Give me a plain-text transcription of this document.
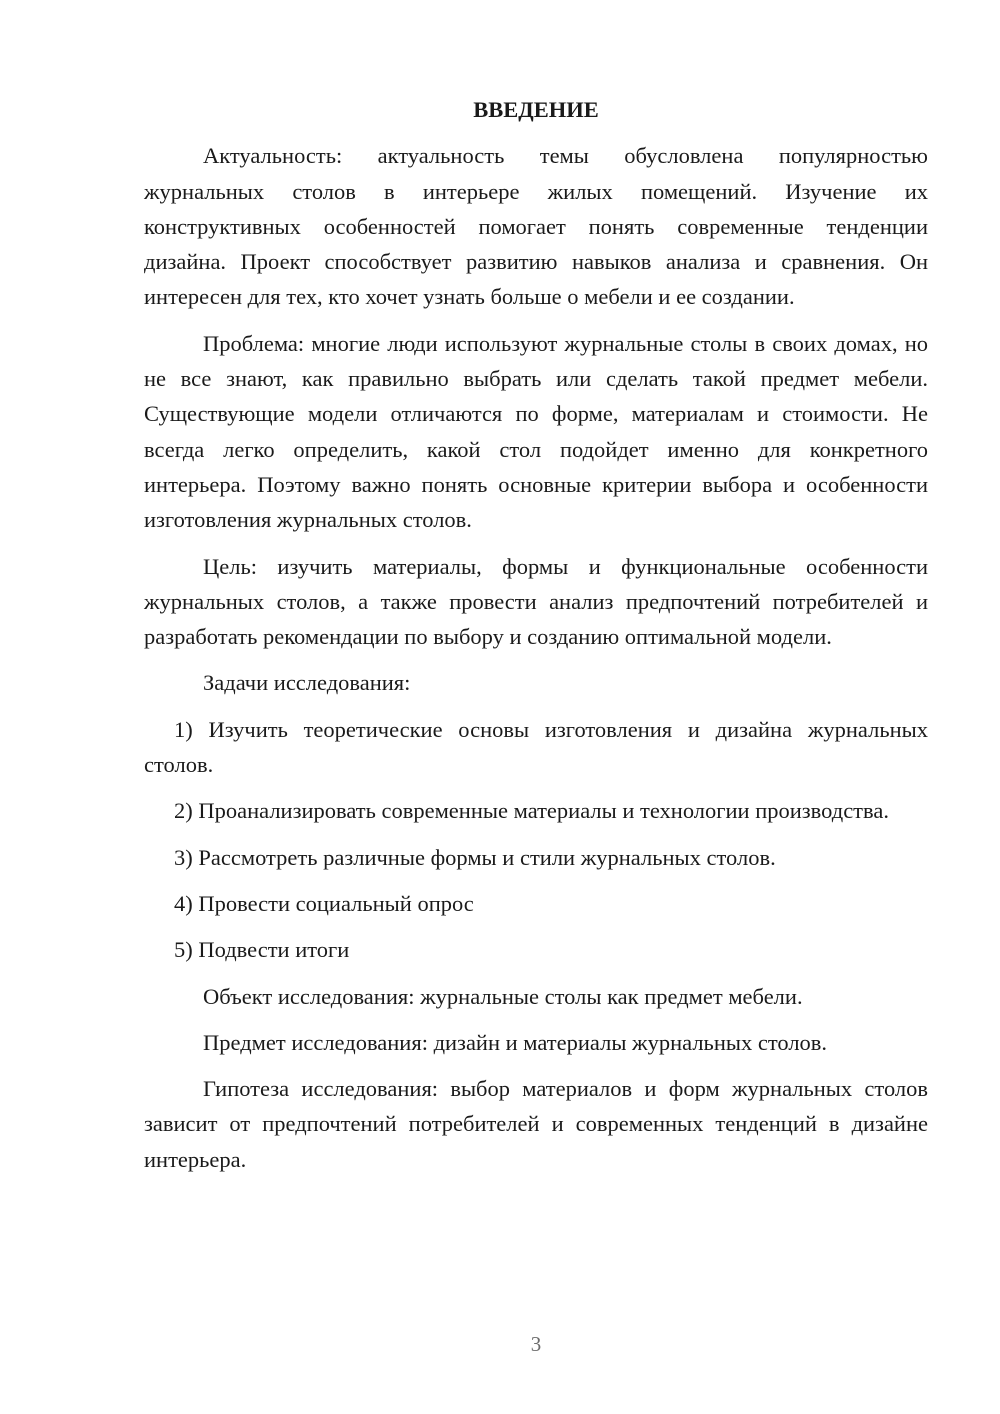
ВВЕДЕНИЕ

Актуальность: актуальность темы обусловлена популярностью журнальных столов в интерьере жилых помещений. Изучение их конструктивных особенностей помогает понять современные тенденции дизайна. Проект способствует развитию навыков анализа и сравнения. Он интересен для тех, кто хочет узнать больше о мебели и ее создании.

Проблема: многие люди используют журнальные столы в своих домах, но не все знают, как правильно выбрать или сделать такой предмет мебели. Существующие модели отличаются по форме, материалам и стоимости. Не всегда легко определить, какой стол подойдет именно для конкретного интерьера. Поэтому важно понять основные критерии выбора и особенности изготовления журнальных столов.

Цель: изучить материалы, формы и функциональные особенности журнальных столов, а также провести анализ предпочтений потребителей и разработать рекомендации по выбору и созданию оптимальной модели.

Задачи исследования:

1) Изучить теоретические основы изготовления и дизайна журнальных столов.

2) Проанализировать современные материалы и технологии производства.

3) Рассмотреть различные формы и стили журнальных столов.

4) Провести социальный опрос

5) Подвести итоги

Объект исследования: журнальные столы как предмет мебели.

Предмет исследования: дизайн и материалы журнальных столов.

Гипотеза исследования: выбор материалов и форм журнальных столов зависит от предпочтений потребителей и современных тенденций в дизайне интерьера.

3
